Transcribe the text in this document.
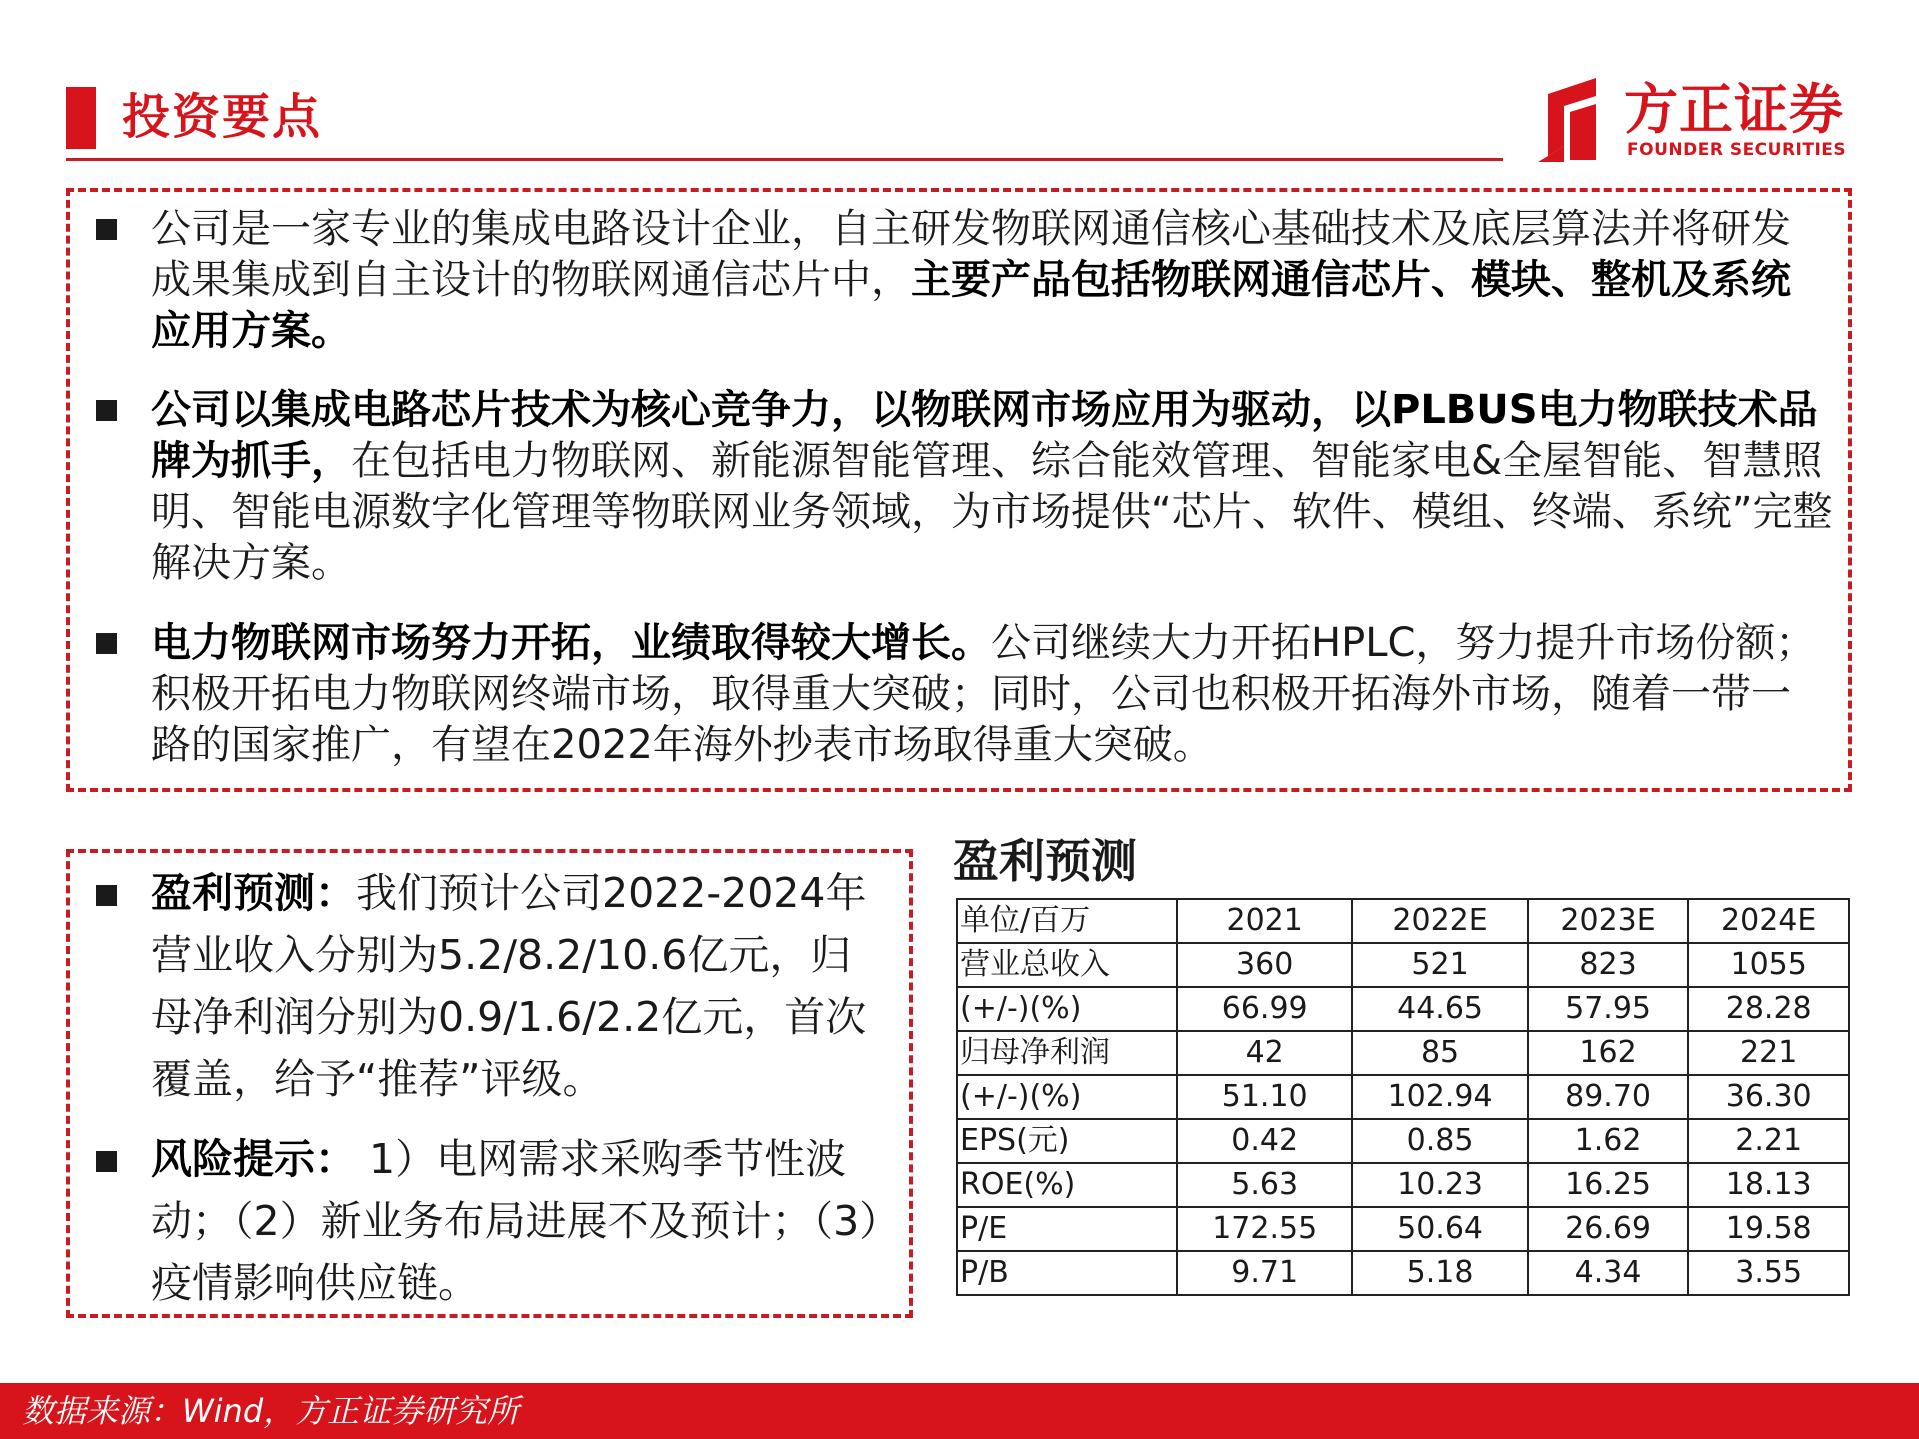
投资要点	方正证券
FOUNDER SECURITIES
公司是一家专业的集成电路设计企业，自主研发物联网通信核心基础技术及底层算法并将研发成果集成到自主设计的物联网通信芯片中，主要产品包括物联网通信芯片、模块、整机及系统应用方案。
公司以集成电路芯片技术为核心竞争力，以物联网市场应用为驱动，以PLBUS电力物联技术品牌为抓手，在包括电力物联网、新能源智能管理、综合能效管理、智能家电&全屋智能、智慧照明、智能电源数字化管理等物联网业务领域，为市场提供“芯片、软件、模组、终端、系统”完整解决方案。
电力物联网市场努力开拓，业绩取得较大增长。公司继续大力开拓HPLC，努力提升市场份额；积极开拓电力物联网终端市场，取得重大突破；同时，公司也积极开拓海外市场，随着一带一路的国家推广，有望在2022年海外抄表市场取得重大突破。
盈利预测：我们预计公司2022-2024年营业收入分别为5.2/8.2/10.6亿元，归母净利润分别为0.9/1.6/2.2亿元，首次覆盖，给予“推荐”评级。
风险提示： 1）电网需求采购季节性波动；（2）新业务布局进展不及预计；（3）疫情影响供应链。
盈利预测
单位/百万	2021	2022E	2023E	2024E
营业总收入	360	521	823	1055
(+/-)(%)	66.99	44.65	57.95	28.28
归母净利润	42	85	162	221
(+/-)(%)	51.10	102.94	89.70	36.30
EPS(元)	0.42	0.85	1.62	2.21
ROE(%)	5.63	10.23	16.25	18.13
P/E	172.55	50.64	26.69	19.58
P/B	9.71	5.18	4.34	3.55
数据来源：Wind，方正证券研究所
